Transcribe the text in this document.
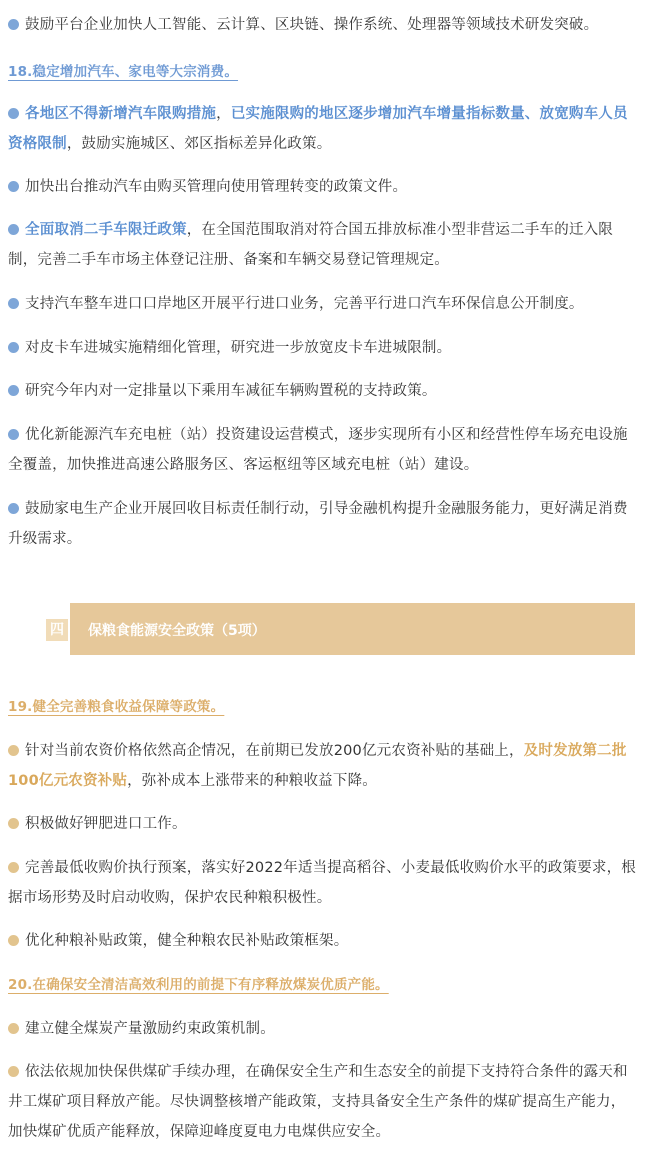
鼓励平台企业加快人工智能、云计算、区块链、操作系统、处理器等领域技术研发突破。
18.稳定增加汽车、家电等大宗消费。
各地区不得新增汽车限购措施，已实施限购的地区逐步增加汽车增量指标数量、放宽购车人员资格限制，鼓励实施城区、郊区指标差异化政策。
加快出台推动汽车由购买管理向使用管理转变的政策文件。
全面取消二手车限迁政策，在全国范围取消对符合国五排放标准小型非营运二手车的迁入限制，完善二手车市场主体登记注册、备案和车辆交易登记管理规定。
支持汽车整车进口口岸地区开展平行进口业务，完善平行进口汽车环保信息公开制度。
对皮卡车进城实施精细化管理，研究进一步放宽皮卡车进城限制。
研究今年内对一定排量以下乘用车减征车辆购置税的支持政策。
优化新能源汽车充电桩（站）投资建设运营模式，逐步实现所有小区和经营性停车场充电设施全覆盖，加快推进高速公路服务区、客运枢纽等区域充电桩（站）建设。
鼓励家电生产企业开展回收目标责任制行动，引导金融机构提升金融服务能力，更好满足消费升级需求。
四	保粮食能源安全政策（5项）
19.健全完善粮食收益保障等政策。
针对当前农资价格依然高企情况，在前期已发放200亿元农资补贴的基础上，及时发放第二批100亿元农资补贴，弥补成本上涨带来的种粮收益下降。
积极做好钾肥进口工作。
完善最低收购价执行预案，落实好2022年适当提高稻谷、小麦最低收购价水平的政策要求，根据市场形势及时启动收购，保护农民种粮积极性。
优化种粮补贴政策，健全种粮农民补贴政策框架。
20.在确保安全清洁高效利用的前提下有序释放煤炭优质产能。
建立健全煤炭产量激励约束政策机制。
依法依规加快保供煤矿手续办理，在确保安全生产和生态安全的前提下支持符合条件的露天和井工煤矿项目释放产能。尽快调整核增产能政策，支持具备安全生产条件的煤矿提高生产能力，加快煤矿优质产能释放，保障迎峰度夏电力电煤供应安全。
